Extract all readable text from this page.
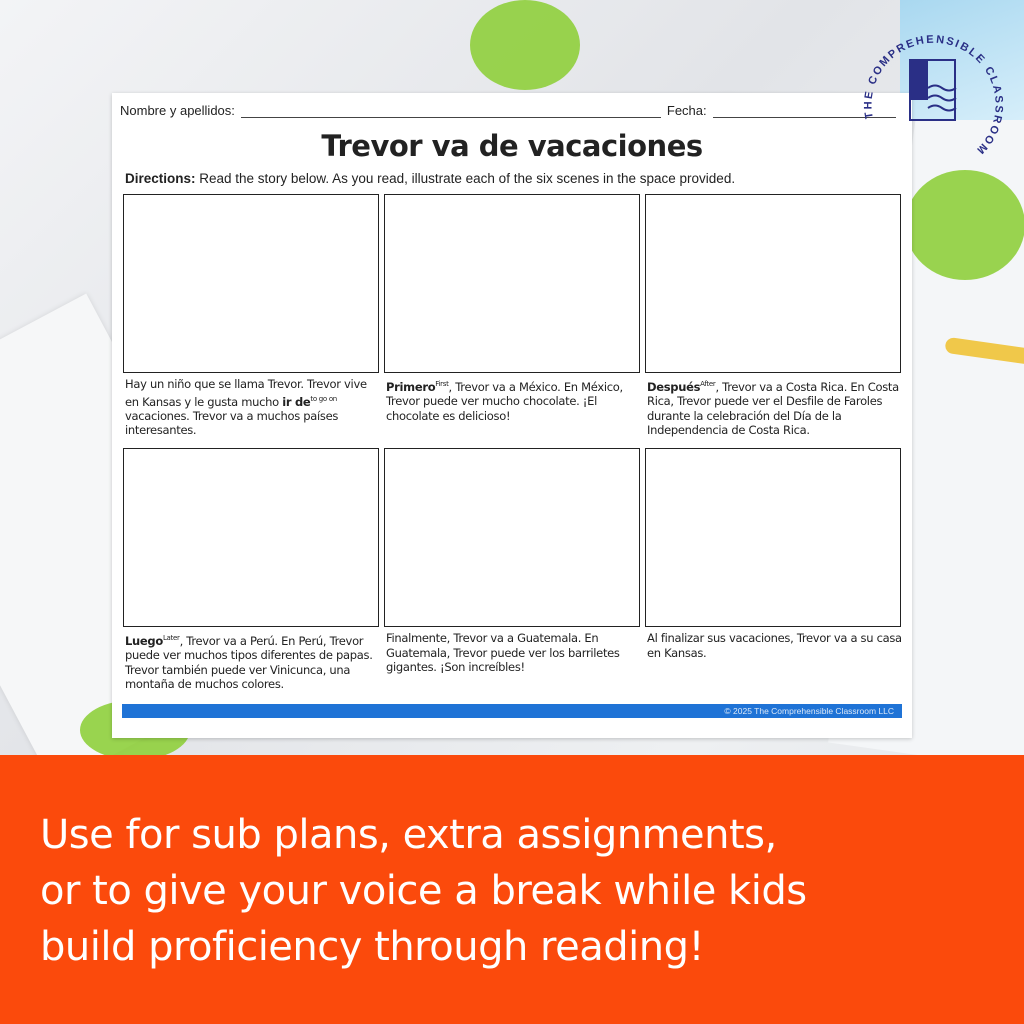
THE COMPREHENSIBLE CLASSROOM
Nombre y apellidos:	Fecha:
Trevor va de vacaciones
Directions: Read the story below. As you read, illustrate each of the six scenes in the space provided.
Hay un niño que se llama Trevor. Trevor vive en Kansas y le gusta mucho ir $de^{to go on}$ vacaciones. Trevor va a muchos países interesantes.
Primero$^{First}$, Trevor va a México. En México, Trevor puede ver mucho chocolate. ¡El chocolate es delicioso!
Después$^{After}$, Trevor va a Costa Rica. En Costa Rica, Trevor puede ver el Desfile de Faroles durante la celebración del Día de la Independencia de Costa Rica.
Luego$^{Later}$, Trevor va a Perú. En Perú, Trevor puede ver muchos tipos diferentes de papas. Trevor también puede ver Vinicunca, una montaña de muchos colores.
Finalmente, Trevor va a Guatemala. En Guatemala, Trevor puede ver los barriletes gigantes. ¡Son increíbles!
Al finalizar sus vacaciones, Trevor va a su casa en Kansas.
© 2025 The Comprehensible Classroom LLC

Use for sub plans, extra assignments,
or to give your voice a break while kids
build proficiency through reading!
